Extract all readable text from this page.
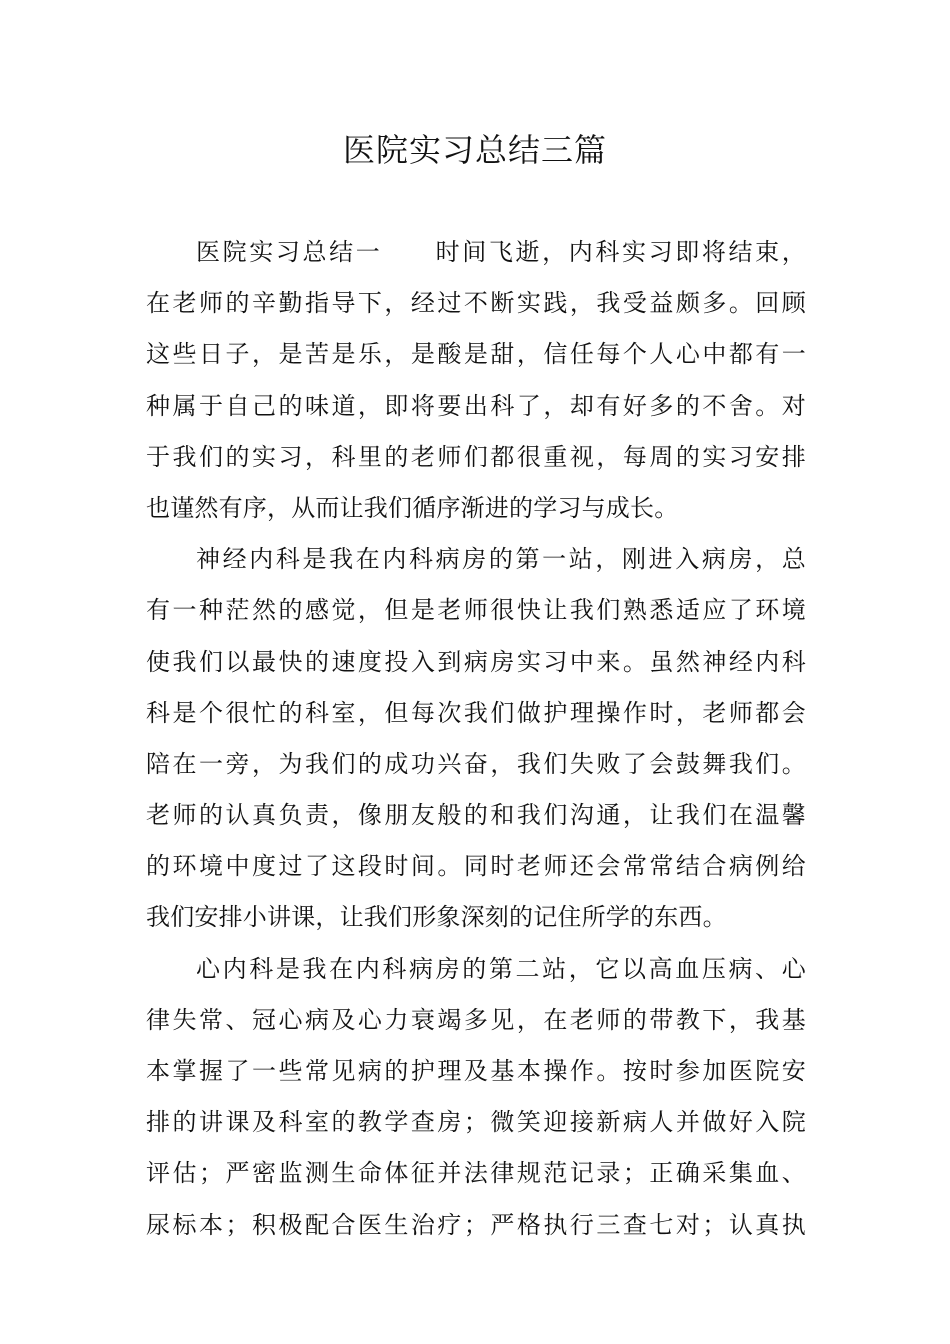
医院实习总结三篇
医院实习总结一　　时间飞逝，内科实习即将结束，
在老师的辛勤指导下，经过不断实践，我受益颇多。回顾
这些日子，是苦是乐，是酸是甜，信任每个人心中都有一
种属于自己的味道，即将要出科了，却有好多的不舍。对
于我们的实习，科里的老师们都很重视，每周的实习安排
也谨然有序，从而让我们循序渐进的学习与成长。
神经内科是我在内科病房的第一站，刚进入病房，总
有一种茫然的感觉，但是老师很快让我们熟悉适应了环境
使我们以最快的速度投入到病房实习中来。虽然神经内科
科是个很忙的科室，但每次我们做护理操作时，老师都会
陪在一旁，为我们的成功兴奋，我们失败了会鼓舞我们。
老师的认真负责，像朋友般的和我们沟通，让我们在温馨
的环境中度过了这段时间。同时老师还会常常结合病例给
我们安排小讲课，让我们形象深刻的记住所学的东西。
心内科是我在内科病房的第二站，它以高血压病、心
律失常、冠心病及心力衰竭多见，在老师的带教下，我基
本掌握了一些常见病的护理及基本操作。按时参加医院安
排的讲课及科室的教学查房；微笑迎接新病人并做好入院
评估；严密监测生命体征并法律规范记录；正确采集血、
尿标本；积极配合医生治疗；严格执行三查七对；认真执
